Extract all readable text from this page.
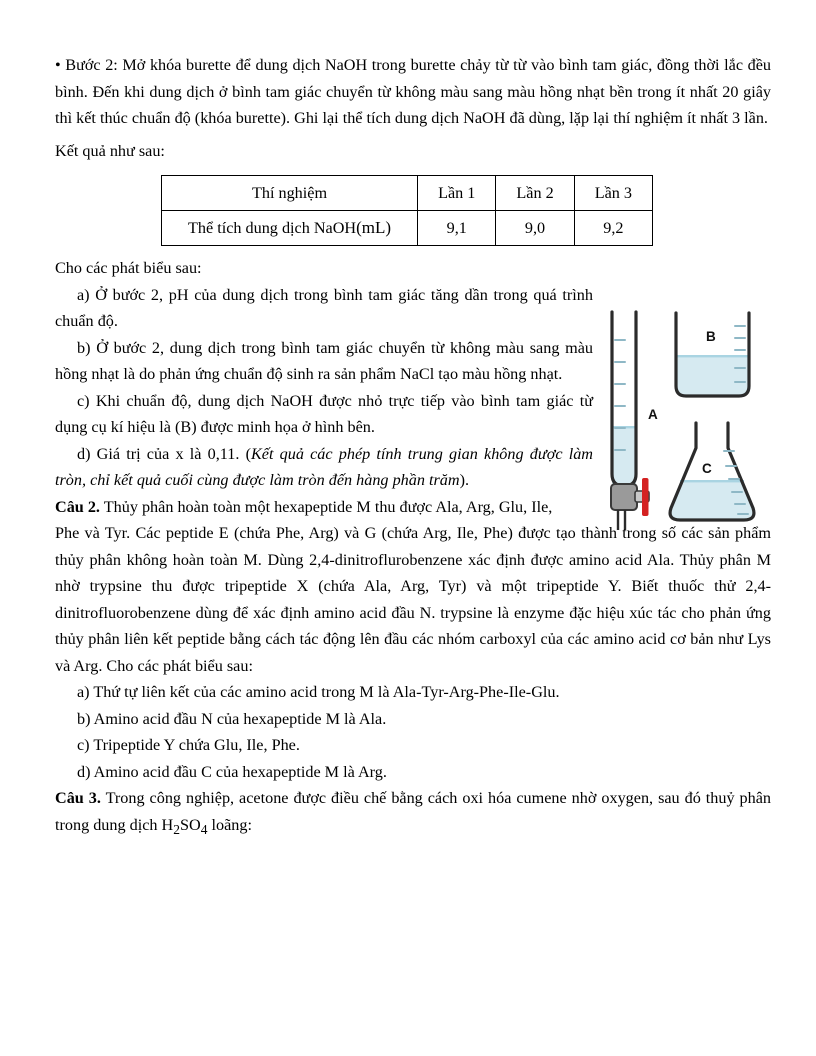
A
B
C

• Bước 2: Mở khóa burette để dung dịch NaOH trong burette chảy từ từ vào bình tam giác, đồng thời lắc đều bình. Đến khi dung dịch ở bình tam giác chuyển từ không màu sang màu hồng nhạt bền trong ít nhất 20 giây thì kết thúc chuẩn độ (khóa burette). Ghi lại thể tích dung dịch NaOH đã dùng, lặp lại thí nghiệm ít nhất 3 lần.

Kết quả như sau:

Thí nghiệm	Lần 1	Lần 2	Lần 3
Thể tích dung dịch NaOH(mL)	9,1	9,0	9,2

Cho các phát biểu sau:

a) Ở bước 2, pH của dung dịch trong bình tam giác tăng dần trong quá trình chuẩn độ.

b) Ở bước 2, dung dịch trong bình tam giác chuyển từ không màu sang màu hồng nhạt là do phản ứng chuẩn độ sinh ra sản phẩm NaCl tạo màu hồng nhạt.

c) Khi chuẩn độ, dung dịch NaOH được nhỏ trực tiếp vào bình tam giác từ dụng cụ kí hiệu là (B) được minh họa ở hình bên.

d) Giá trị của x là 0,11. (Kết quả các phép tính trung gian không được làm tròn, chỉ kết quả cuối cùng được làm tròn đến hàng phần trăm).

Câu 2. Thủy phân hoàn toàn một hexapeptide M thu được Ala, Arg, Glu, Ile,

Phe và Tyr. Các peptide E (chứa Phe, Arg) và G (chứa Arg, Ile, Phe) được tạo thành trong số các sản phẩm thủy phân không hoàn toàn M. Dùng 2,4-dinitroflurobenzene xác định được amino acid Ala. Thủy phân M nhờ trypsine thu được tripeptide X (chứa Ala, Arg, Tyr) và một tripeptide Y. Biết thuốc thử 2,4-dinitrofluorobenzene dùng để xác định amino acid đầu N. trypsine là enzyme đặc hiệu xúc tác cho phản ứng thủy phân liên kết peptide bằng cách tác động lên đầu các nhóm carboxyl của các amino acid cơ bản như Lys và Arg. Cho các phát biểu sau:

a) Thứ tự liên kết của các amino acid trong M là Ala-Tyr-Arg-Phe-Ile-Glu.

b) Amino acid đầu N của hexapeptide M là Ala.

c) Tripeptide Y chứa Glu, Ile, Phe.

d) Amino acid đầu C của hexapeptide M là Arg.

Câu 3. Trong công nghiệp, acetone được điều chế bằng cách oxi hóa cumene nhờ oxygen, sau đó thuỷ phân trong dung dịch $H_2SO_4$ loãng:
